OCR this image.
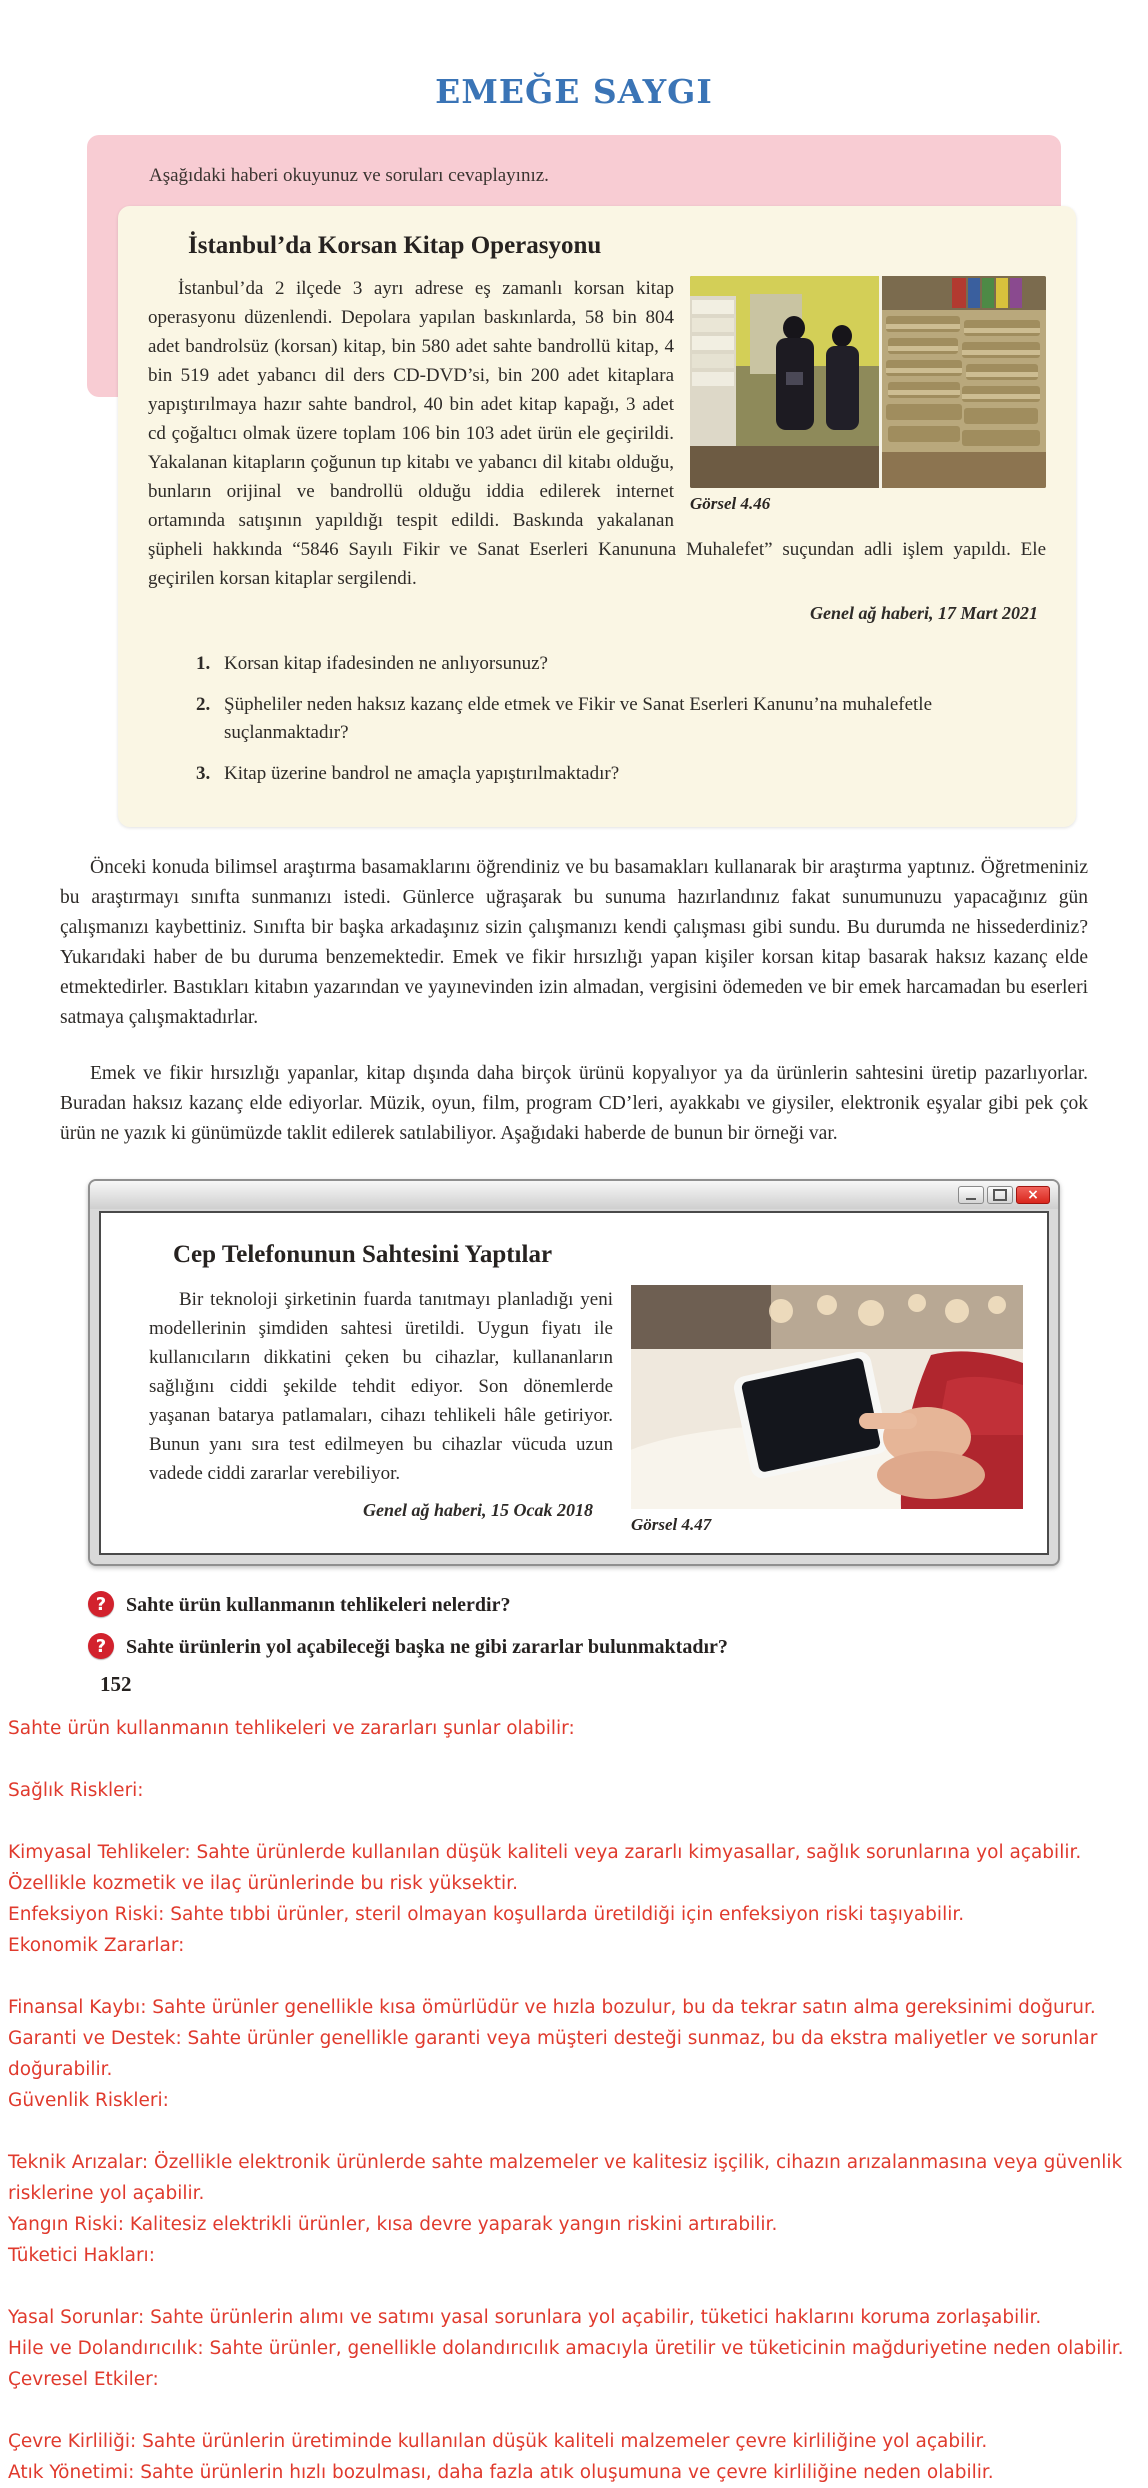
EMEĞE SAYGI

Aşağıdaki haberi okuyunuz ve soruları cevaplayınız.

İstanbul’da Korsan Kitap Operasyonu
Görsel 4.46

İstanbul’da 2 ilçede 3 ayrı adrese eş zamanlı korsan kitap operasyonu düzenlendi. Depolara yapılan baskınlarda, 58 bin 804 adet bandrolsüz (korsan) kitap, bin 580 adet sahte bandrollü kitap, 4 bin 519 adet yabancı dil ders CD-DVD’si, bin 200 adet kitaplara yapıştırılmaya hazır sahte bandrol, 40 bin adet kitap kapağı, 3 adet cd çoğaltıcı olmak üzere toplam 106 bin 103 adet ürün ele geçirildi. Yakalanan kitapların çoğunun tıp kitabı ve yabancı dil kitabı olduğu, bunların orijinal ve bandrollü olduğu iddia edilerek internet ortamında satışının yapıldığı tespit edildi. Baskında yakalanan şüpheli hakkında “5846 Sayılı Fikir ve Sanat Eserleri Kanununa Muhalefet” suçundan adli işlem yapıldı. Ele geçirilen korsan kitaplar sergilendi.

Genel ağ haberi, 17 Mart 2021

1. Korsan kitap ifadesinden ne anlıyorsunuz?
2. Şüpheliler neden haksız kazanç elde etmek ve Fikir ve Sanat Eserleri Kanunu’na muhalefetle suçlanmaktadır?
3. Kitap üzerine bandrol ne amaçla yapıştırılmaktadır?

Önceki konuda bilimsel araştırma basamaklarını öğrendiniz ve bu basamakları kullanarak bir araştırma yaptınız. Öğretmeniniz bu araştırmayı sınıfta sunmanızı istedi. Günlerce uğraşarak bu sunuma hazırlandınız fakat sunumunuzu yapacağınız gün çalışmanızı kaybettiniz. Sınıfta bir başka arkadaşınız sizin çalışmanızı kendi çalışması gibi sundu. Bu durumda ne hissederdiniz? Yukarıdaki haber de bu duruma benzemektedir. Emek ve fikir hırsızlığı yapan kişiler korsan kitap basarak haksız kazanç elde etmektedirler. Bastıkları kitabın yazarından ve yayınevinden izin almadan, vergisini ödemeden ve bir emek harcamadan bu eserleri satmaya çalışmaktadırlar.

Emek ve fikir hırsızlığı yapanlar, kitap dışında daha birçok ürünü kopyalıyor ya da ürünlerin sahtesini üretip pazarlıyorlar. Buradan haksız kazanç elde ediyorlar. Müzik, oyun, film, program CD’leri, ayakkabı ve giysiler, elektronik eşyalar gibi pek çok ürün ne yazık ki günümüzde taklit edilerek satılabiliyor. Aşağıdaki haberde de bunun bir örneği var.

×
Cep Telefonunun Sahtesini Yaptılar
Görsel 4.47

Bir teknoloji şirketinin fuarda tanıtmayı planladığı yeni modellerinin şimdiden sahtesi üretildi. Uygun fiyatı ile kullanıcıların dikkatini çeken bu cihazlar, kullananların sağlığını ciddi şekilde tehdit ediyor. Son dönemlerde yaşanan batarya patlamaları, cihazı tehlikeli hâle getiriyor. Bunun yanı sıra test edilmeyen bu cihazlar vücuda uzun vadede ciddi zararlar verebiliyor.

Genel ağ haberi, 15 Ocak 2018

? Sahte ürün kullanmanın tehlikeleri nelerdir?
? Sahte ürünlerin yol açabileceği başka ne gibi zararlar bulunmaktadır?
152

Sahte ürün kullanmanın tehlikeleri ve zararları şunlar olabilir:

Sağlık Riskleri:

Kimyasal Tehlikeler: Sahte ürünlerde kullanılan düşük kaliteli veya zararlı kimyasallar, sağlık sorunlarına yol açabilir. Özellikle kozmetik ve ilaç ürünlerinde bu risk yüksektir.

Enfeksiyon Riski: Sahte tıbbi ürünler, steril olmayan koşullarda üretildiği için enfeksiyon riski taşıyabilir.

Ekonomik Zararlar:

Finansal Kaybı: Sahte ürünler genellikle kısa ömürlüdür ve hızla bozulur, bu da tekrar satın alma gereksinimi doğurur.

Garanti ve Destek: Sahte ürünler genellikle garanti veya müşteri desteği sunmaz, bu da ekstra maliyetler ve sorunlar doğurabilir.

Güvenlik Riskleri:

Teknik Arızalar: Özellikle elektronik ürünlerde sahte malzemeler ve kalitesiz işçilik, cihazın arızalanmasına veya güvenlik risklerine yol açabilir.

Yangın Riski: Kalitesiz elektrikli ürünler, kısa devre yaparak yangın riskini artırabilir.

Tüketici Hakları:

Yasal Sorunlar: Sahte ürünlerin alımı ve satımı yasal sorunlara yol açabilir, tüketici haklarını koruma zorlaşabilir.

Hile ve Dolandırıcılık: Sahte ürünler, genellikle dolandırıcılık amacıyla üretilir ve tüketicinin mağduriyetine neden olabilir.

Çevresel Etkiler:

Çevre Kirliliği: Sahte ürünlerin üretiminde kullanılan düşük kaliteli malzemeler çevre kirliliğine yol açabilir.

Atık Yönetimi: Sahte ürünlerin hızlı bozulması, daha fazla atık oluşumuna ve çevre kirliliğine neden olabilir.
